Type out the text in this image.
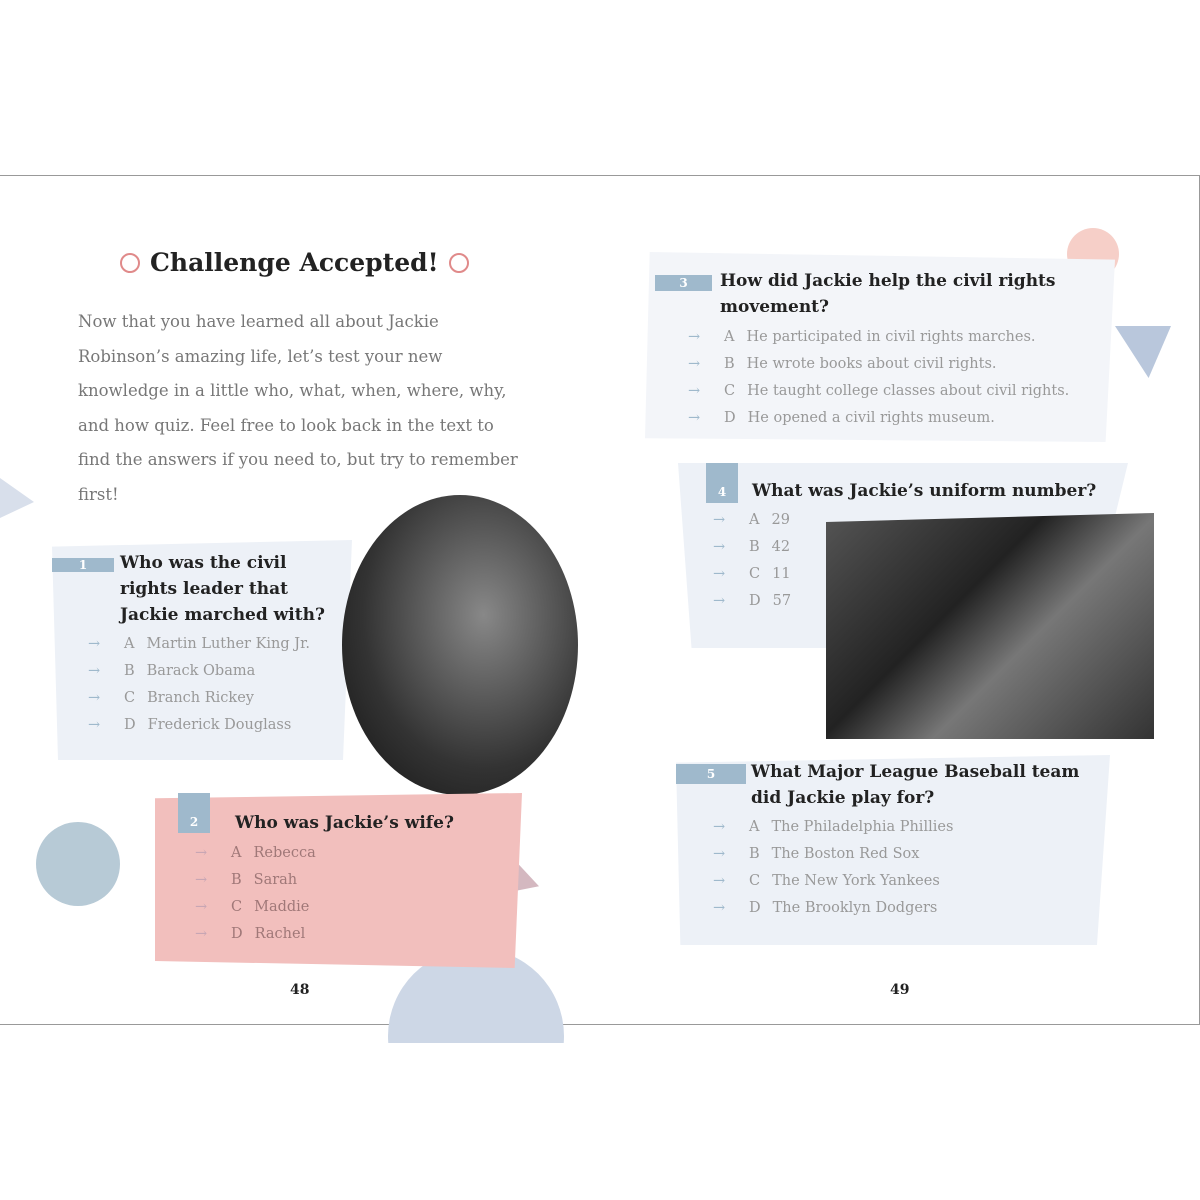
Challenge Accepted!

Now that you have learned all about Jackie Robinson’s amazing life, let’s test your new knowledge in a little who, what, when, where, why, and how quiz. Feel free to look back in the text to find the answers if you need to, but try to remember first!

1	Who was the civil rights leader that Jackie marched with?
→	A Martin Luther King Jr.
→	B Barack Obama
→	C Branch Rickey
→	D Frederick Douglass
2	Who was Jackie’s wife?
→	A Rebecca
→	B Sarah
→	C Maddie
→	D Rachel
48
3	How did Jackie help the civil rights movement?
→	A He participated in civil rights marches.
→	B He wrote books about civil rights.
→	C He taught college classes about civil rights.
→	D He opened a civil rights museum.
4	What was Jackie’s uniform number?
→	A 29
→	B 42
→	C 11
→	D 57
5	What Major League Baseball team did Jackie play for?
→	A The Philadelphia Phillies
→	B The Boston Red Sox
→	C The New York Yankees
→	D The Brooklyn Dodgers
49
